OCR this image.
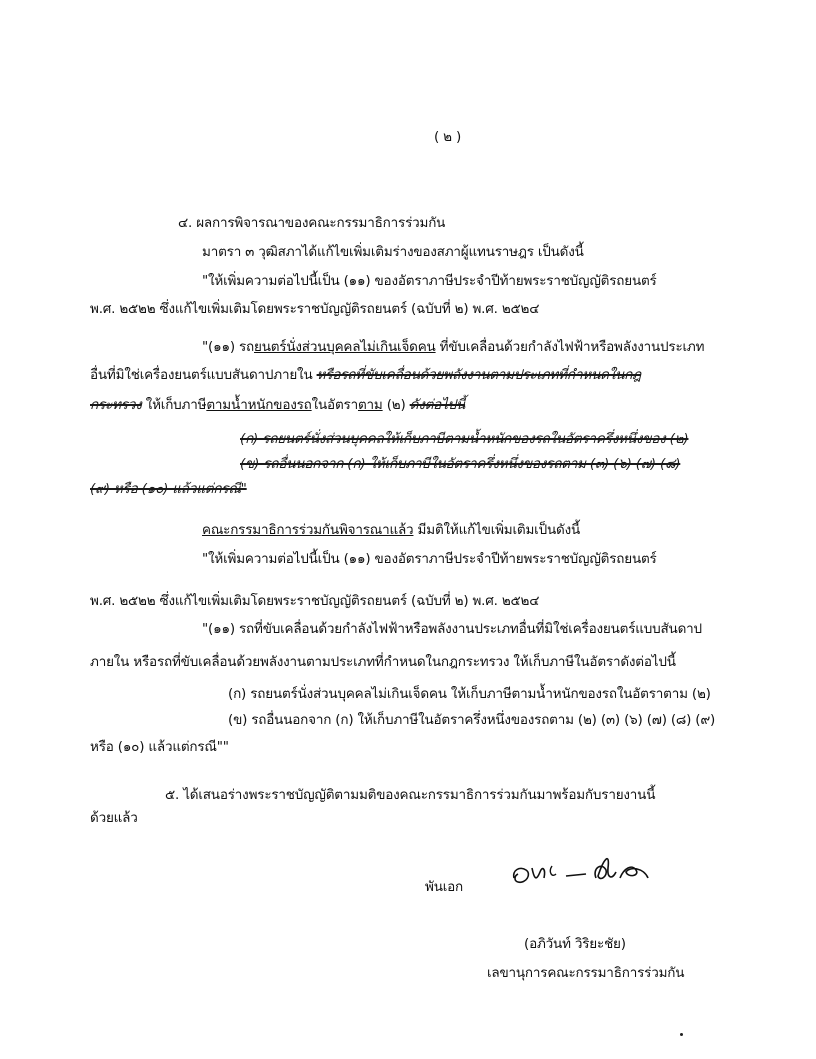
( ๒ )
๔. ผลการพิจารณาของคณะกรรมาธิการร่วมกัน
มาตรา ๓ วุฒิสภาได้แก้ไขเพิ่มเติมร่างของสภาผู้แทนราษฎร เป็นดังนี้
"ให้เพิ่มความต่อไปนี้เป็น (๑๑) ของอัตราภาษีประจำปีท้ายพระราชบัญญัติรถยนตร์
พ.ศ. ๒๕๒๒ ซึ่งแก้ไขเพิ่มเติมโดยพระราชบัญญัติรถยนตร์ (ฉบับที่ ๒) พ.ศ. ๒๕๒๔
"(๑๑) รถยนตร์นั่งส่วนบุคคลไม่เกินเจ็ดคน ที่ขับเคลื่อนด้วยกำลังไฟฟ้าหรือพลังงานประเภท
อื่นที่มิใช่เครื่องยนตร์แบบสันดาปภายใน หรือรถที่ขับเคลื่อนด้วยพลังงานตามประเภทที่กำหนดในกฎ
กระทรวง ให้เก็บภาษีตามน้ำหนักของรถในอัตราตาม (๒) ดังต่อไปนี้
(ก) รถยนตร์นั่งส่วนบุคคลให้เก็บภาษีตามน้ำหนักของรถในอัตราครึ่งหนึ่งของ (๒)
(ข) รถอื่นนอกจาก (ก) ให้เก็บภาษีในอัตราครึ่งหนึ่งของรถตาม (๓) (๖) (๗) (๘)
(๙) หรือ (๑๐) แล้วแต่กรณี"
คณะกรรมาธิการร่วมกันพิจารณาแล้ว มีมติให้แก้ไขเพิ่มเติมเป็นดังนี้
"ให้เพิ่มความต่อไปนี้เป็น (๑๑) ของอัตราภาษีประจำปีท้ายพระราชบัญญัติรถยนตร์
พ.ศ. ๒๕๒๒ ซึ่งแก้ไขเพิ่มเติมโดยพระราชบัญญัติรถยนตร์ (ฉบับที่ ๒) พ.ศ. ๒๕๒๔
"(๑๑) รถที่ขับเคลื่อนด้วยกำลังไฟฟ้าหรือพลังงานประเภทอื่นที่มิใช่เครื่องยนตร์แบบสันดาป
ภายใน หรือรถที่ขับเคลื่อนด้วยพลังงานตามประเภทที่กำหนดในกฎกระทรวง ให้เก็บภาษีในอัตราดังต่อไปนี้
(ก) รถยนตร์นั่งส่วนบุคคลไม่เกินเจ็ดคน ให้เก็บภาษีตามน้ำหนักของรถในอัตราตาม (๒)
(ข) รถอื่นนอกจาก (ก) ให้เก็บภาษีในอัตราครึ่งหนึ่งของรถตาม (๒) (๓) (๖) (๗) (๘) (๙)
หรือ (๑๐) แล้วแต่กรณี""
๕. ได้เสนอร่างพระราชบัญญัติตามมติของคณะกรรมาธิการร่วมกันมาพร้อมกับรายงานนี้
ด้วยแล้ว
พันเอก
(อภิวันท์ วิริยะชัย)
เลขานุการคณะกรรมาธิการร่วมกัน
